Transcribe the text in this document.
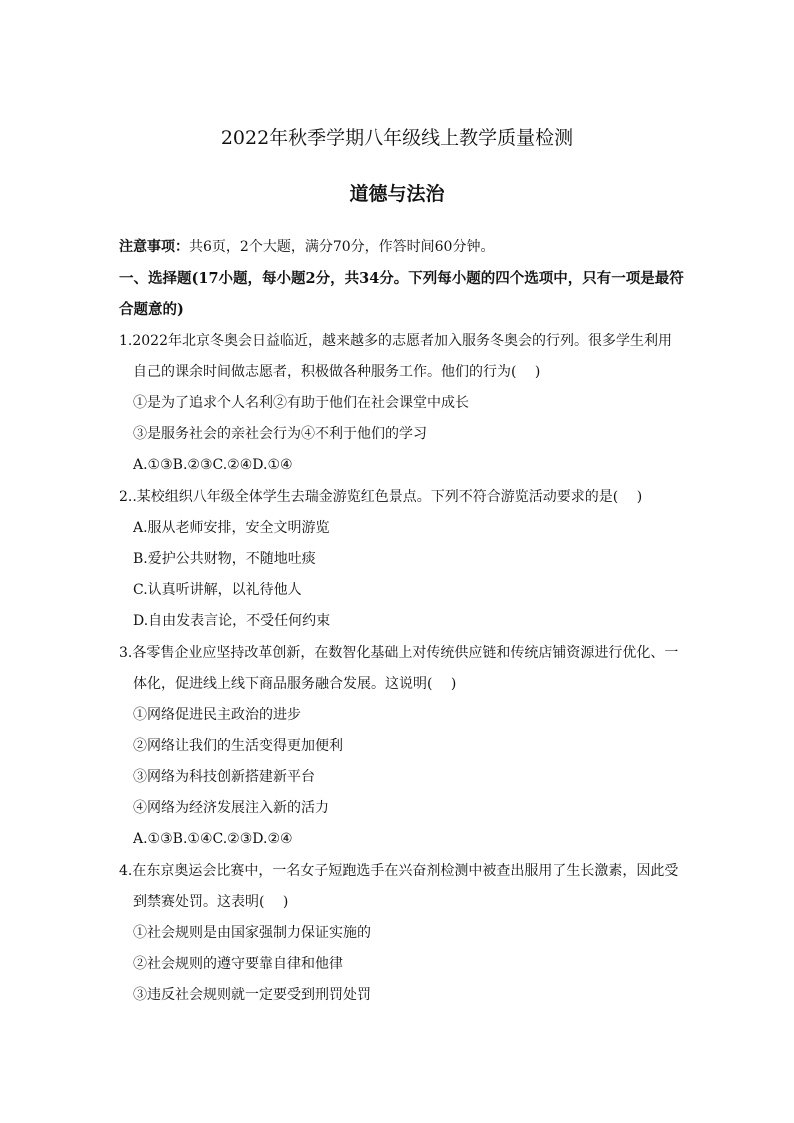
2022年秋季学期八年级线上教学质量检测
道德与法治
注意事项：共6页，2个大题，满分70分，作答时间60分钟。
一、选择题(17小题，每小题2分，共34分。下列每小题的四个选项中，只有一项是最符
合题意的)
1.2022年北京冬奥会日益临近，越来越多的志愿者加入服务冬奥会的行列。很多学生利用
自己的课余时间做志愿者，积极做各种服务工作。他们的行为(　 )
①是为了追求个人名利②有助于他们在社会课堂中成长
③是服务社会的亲社会行为④不利于他们的学习
A.①③B.②③C.②④D.①④
2..某校组织八年级全体学生去瑞金游览红色景点。下列不符合游览活动要求的是(　 )
A.服从老师安排，安全文明游览
B.爱护公共财物，不随地吐痰
C.认真听讲解，以礼待他人
D.自由发表言论，不受任何约束
3.各零售企业应坚持改革创新，在数智化基础上对传统供应链和传统店铺资源进行优化、一
体化，促进线上线下商品服务融合发展。这说明(　 )
①网络促进民主政治的进步
②网络让我们的生活变得更加便利
③网络为科技创新搭建新平台
④网络为经济发展注入新的活力
A.①③B.①④C.②③D.②④
4.在东京奥运会比赛中，一名女子短跑选手在兴奋剂检测中被查出服用了生长激素，因此受
到禁赛处罚。这表明(　 )
①社会规则是由国家强制力保证实施的
②社会规则的遵守要靠自律和他律
③违反社会规则就一定要受到刑罚处罚
